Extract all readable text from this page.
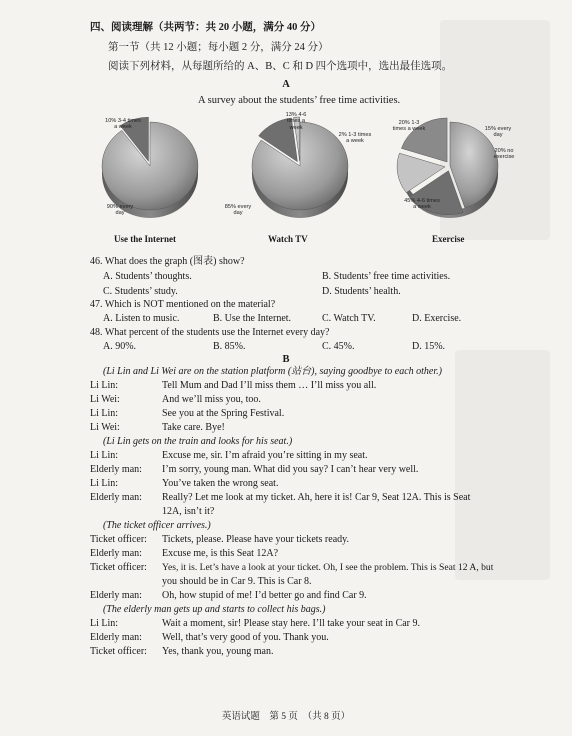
四、阅读理解（共两节：共 20 小题，满分 40 分）
第一节（共 12 小题；每小题 2 分，满分 24 分）
阅读下列材料，从每题所给的 A、B、C 和 D 四个选项中，选出最佳选项。
A
A survey about the students’ free time activities.
10% 3-4 times a week
90% every day
Use the Internet
13% 4-6 times a week
2% 1-3 times a week
85% every day
Watch TV
20% 1-3 times a week	15% every day
20% no exercise
45% 4-6 times a week
Exercise
46. What does the graph (图表) show?
A. Students’ thoughts.	B. Students’ free time activities.
C. Students’ study.	D. Students’ health.
47. Which is NOT mentioned on the material?
A. Listen to music.	B. Use the Internet.	C. Watch TV.	D. Exercise.
48. What percent of the students use the Internet every day?
A. 90%.	B. 85%.	C. 45%.	D. 15%.
B
(Li Lin and Li Wei are on the station platform (站台), saying goodbye to each other.)
Li Lin:	Tell Mum and Dad I’ll miss them … I’ll miss you all.
Li Wei:	And we’ll miss you, too.
Li Lin:	See you at the Spring Festival.
Li Wei:	Take care. Bye!
(Li Lin gets on the train and looks for his seat.)
Li Lin:	Excuse me, sir. I’m afraid you’re sitting in my seat.
Elderly man: I’m sorry, young man. What did you say? I can’t hear very well.
Li Lin:	You’ve taken the wrong seat.
Elderly man: Really? Let me look at my ticket. Ah, here it is! Car 9, Seat 12A. This is Seat
12A, isn’t it?
(The ticket officer arrives.)
Ticket officer: Tickets, please. Please have your tickets ready.
Elderly man: Excuse me, is this Seat 12A?
Ticket officer: Yes, it is. Let’s have a look at your ticket. Oh, I see the problem. This is Seat 12 A, but
you should be in Car 9. This is Car 8.
Elderly man: Oh, how stupid of me! I’d better go and find Car 9.
(The elderly man gets up and starts to collect his bags.)
Li Lin:	Wait a moment, sir! Please stay here. I’ll take your seat in Car 9.
Elderly man: Well, that’s very good of you. Thank you.
Ticket officer: Yes, thank you, young man.
英语试题　第 5 页　（共 8 页）
